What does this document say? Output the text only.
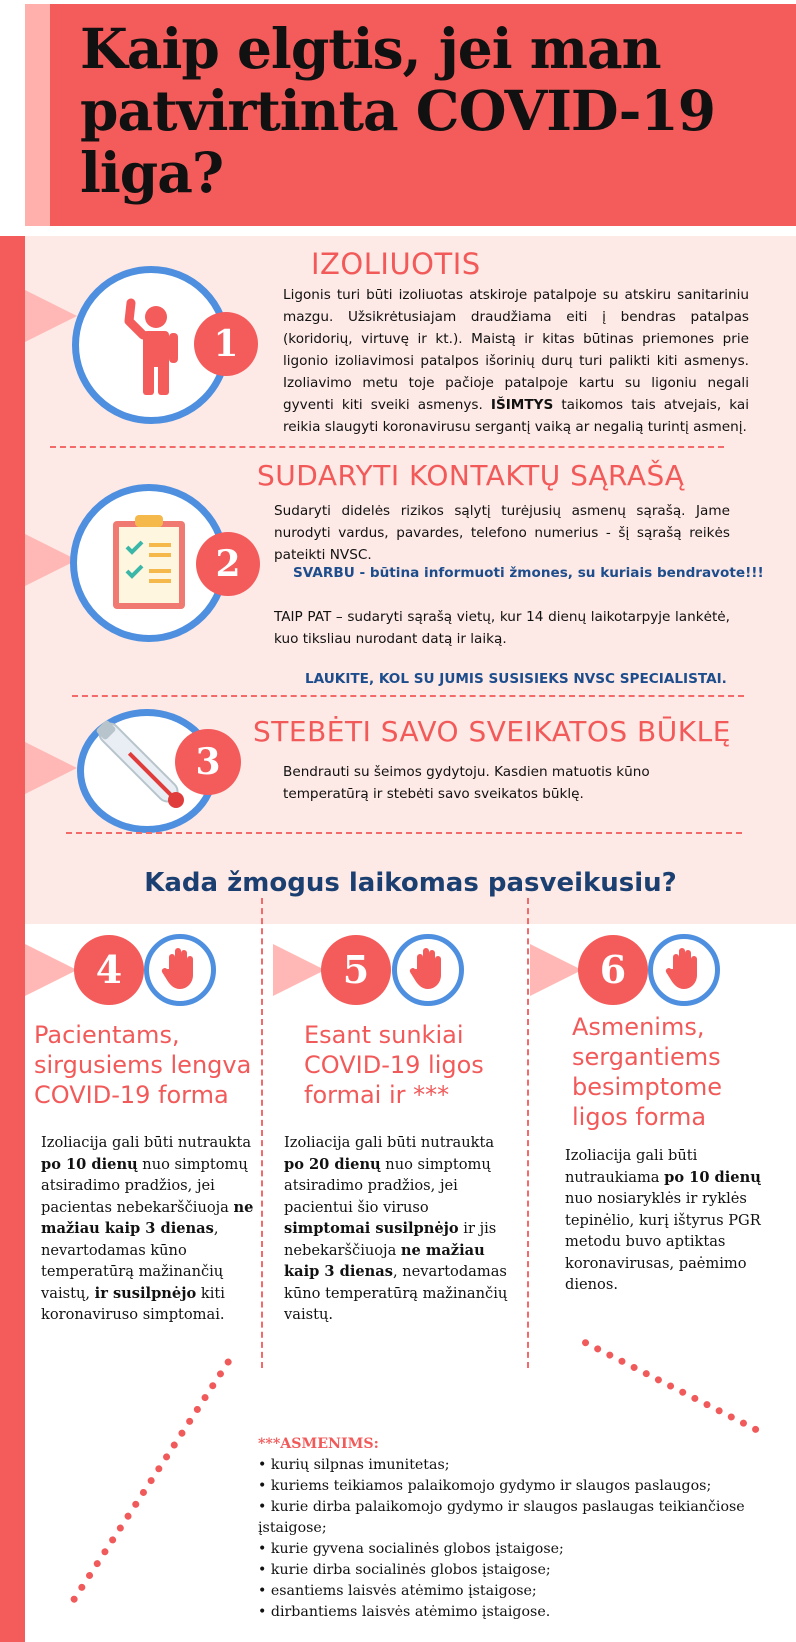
Kaip elgtis, jei man patvirtinta COVID-19 liga?
1
IZOLIUOTIS

Ligonis turi būti izoliuotas atskiroje patalpoje su atskiru sanitariniu mazgu. Užsikrėtusiajam draudžiama eiti į bendras patalpas (koridorių, virtuvę ir kt.). Maistą ir kitas būtinas priemones prie ligonio izoliavimosi patalpos išorinių durų turi palikti kiti asmenys. Izoliavimo metu toje pačioje patalpoje kartu su ligoniu negali gyventi kiti sveiki asmenys. IŠIMTYS taikomos tais atvejais, kai reikia slaugyti koronavirusu sergantį vaiką ar negalią turintį asmenį.

2
SUDARYTI KONTAKTŲ SĄRAŠĄ

Sudaryti didelės rizikos sąlytį turėjusių asmenų sąrašą. Jame nurodyti vardus, pavardes, telefono numerius - šį sąrašą reikės pateikti NVSC.

SVARBU - būtina informuoti žmones, su kuriais bendravote!!!

TAIP PAT – sudaryti sąrašą vietų, kur 14 dienų laikotarpyje lankėtė, kuo tiksliau nurodant datą ir laiką.

LAUKITE, KOL SU JUMIS SUSISIEKS NVSC SPECIALISTAI.
3
STEBĖTI SAVO SVEIKATOS BŪKLĘ

Bendrauti su šeimos gydytoju. Kasdien matuotis kūno temperatūrą ir stebėti savo sveikatos būklę.

Kada žmogus laikomas pasveikusiu?
4
Pacientams, sirgusiems lengva COVID-19 forma

Izoliacija gali būti nutraukta po 10 dienų nuo simptomų atsiradimo pradžios, jei pacientas nebekarščiuoja ne mažiau kaip 3 dienas, nevartodamas kūno temperatūrą mažinančių vaistų, ir susilpnėjo kiti koronaviruso simptomai.

5
Esant sunkiai COVID-19 ligos formai ir ***

Izoliacija gali būti nutraukta po 20 dienų nuo simptomų atsiradimo pradžios, jei pacientui šio viruso simptomai susilpnėjo ir jis nebekarščiuoja ne mažiau kaip 3 dienas, nevartodamas kūno temperatūrą mažinančių vaistų.

6
Asmenims, sergantiems besimptome ligos forma

Izoliacija gali būti nutraukiama po 10 dienų nuo nosiaryklės ir ryklės tepinėlio, kurį ištyrus PGR metodu buvo aptiktas koronavirusas, paėmimo dienos.

***ASMENIMS:
• kurių silpnas imunitetas;
• kuriems teikiamos palaikomojo gydymo ir slaugos paslaugos;
• kurie dirba palaikomojo gydymo ir slaugos paslaugas teikiančiose įstaigose;
• kurie gyvena socialinės globos įstaigose;
• kurie dirba socialinės globos įstaigose;
• esantiems laisvės atėmimo įstaigose;
• dirbantiems laisvės atėmimo įstaigose.
